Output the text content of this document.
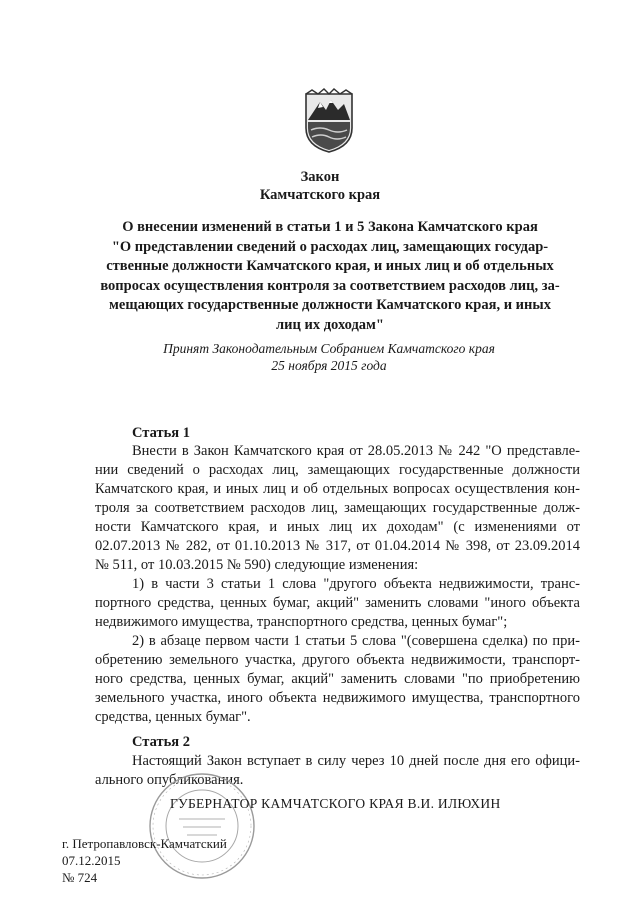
Закон
Камчатского края
О внесении изменений в статьи 1 и 5 Закона Камчатского края
"О представлении сведений о расходах лиц, замещающих государ-
ственные должности Камчатского края, и иных лиц и об отдельных
вопросах осуществления контроля за соответствием расходов лиц, за-
мещающих государственные должности Камчатского края, и иных
лиц их доходам"
Принят Законодательным Собранием Камчатского края
25 ноября 2015 года
Статья 1
Внести в Закон Камчатского края от 28.05.2013 № 242 "О представле-
нии сведений о расходах лиц, замещающих государственные должности
Камчатского края, и иных лиц и об отдельных вопросах осуществления кон-
троля за соответствием расходов лиц, замещающих государственные долж-
ности Камчатского края, и иных лиц их доходам" (с изменениями от
02.07.2013 № 282, от 01.10.2013 № 317, от 01.04.2014 № 398, от 23.09.2014
№ 511, от 10.03.2015 № 590) следующие изменения:
1) в части 3 статьи 1 слова "другого объекта недвижимости, транс-
портного средства, ценных бумаг, акций" заменить словами "иного объекта
недвижимого имущества, транспортного средства, ценных бумаг";
2) в абзаце первом части 1 статьи 5 слова "(совершена сделка) по при-
обретению земельного участка, другого объекта недвижимости, транспорт-
ного средства, ценных бумаг, акций" заменить словами "по приобретению
земельного участка, иного объекта недвижимого имущества, транспортного
средства, ценных бумаг".
Статья 2
Настоящий Закон вступает в силу через 10 дней после дня его офици-
ального опубликования.
ГУБЕРНАТОР КАМЧАТСКОГО КРАЯ В.И. ИЛЮХИН
г. Петропавловск-Камчатский
07.12.2015
№ 724
